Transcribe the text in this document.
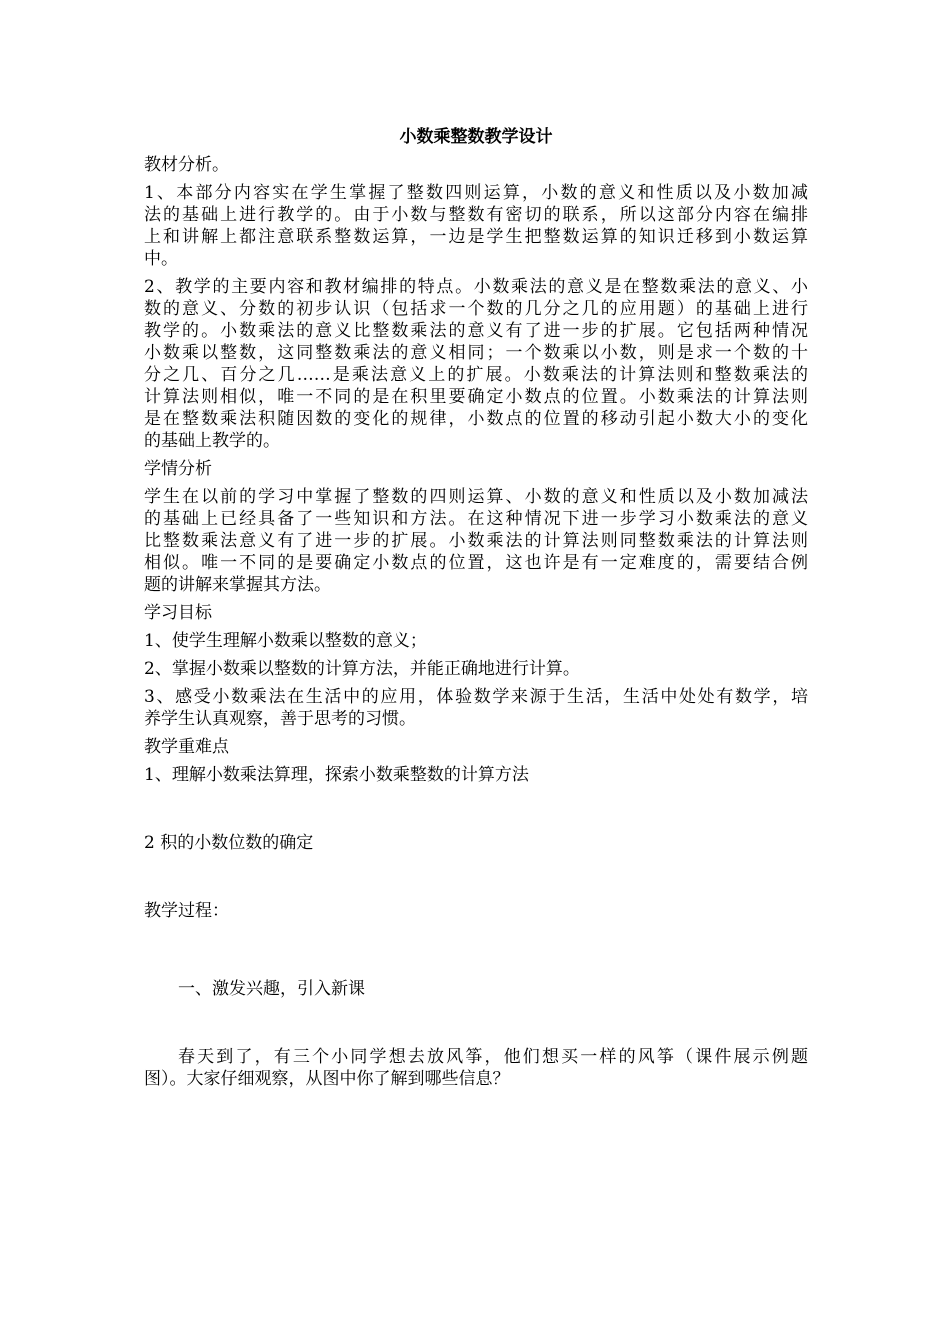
小数乘整数教学设计

教材分析。

1、本部分内容实在学生掌握了整数四则运算，小数的意义和性质以及小数加减

法的基础上进行教学的。由于小数与整数有密切的联系，所以这部分内容在编排

上和讲解上都注意联系整数运算，一边是学生把整数运算的知识迁移到小数运算

中。

2、教学的主要内容和教材编排的特点。小数乘法的意义是在整数乘法的意义、小

数的意义、分数的初步认识（包括求一个数的几分之几的应用题）的基础上进行

教学的。小数乘法的意义比整数乘法的意义有了进一步的扩展。它包括两种情况

小数乘以整数，这同整数乘法的意义相同；一个数乘以小数，则是求一个数的十

分之几、百分之几……是乘法意义上的扩展。小数乘法的计算法则和整数乘法的

计算法则相似，唯一不同的是在积里要确定小数点的位置。小数乘法的计算法则

是在整数乘法积随因数的变化的规律，小数点的位置的移动引起小数大小的变化

的基础上教学的。

学情分析

学生在以前的学习中掌握了整数的四则运算、小数的意义和性质以及小数加减法

的基础上已经具备了一些知识和方法。在这种情况下进一步学习小数乘法的意义

比整数乘法意义有了进一步的扩展。小数乘法的计算法则同整数乘法的计算法则

相似。唯一不同的是要确定小数点的位置，这也许是有一定难度的，需要结合例

题的讲解来掌握其方法。

学习目标

1、使学生理解小数乘以整数的意义；

2、掌握小数乘以整数的计算方法，并能正确地进行计算。

3、感受小数乘法在生活中的应用，体验数学来源于生活，生活中处处有数学，培

养学生认真观察，善于思考的习惯。

教学重难点

1、理解小数乘法算理，探索小数乘整数的计算方法

2 积的小数位数的确定

教学过程：

一、激发兴趣，引入新课

春天到了，有三个小同学想去放风筝，他们想买一样的风筝（课件展示例题

图）。大家仔细观察，从图中你了解到哪些信息？
